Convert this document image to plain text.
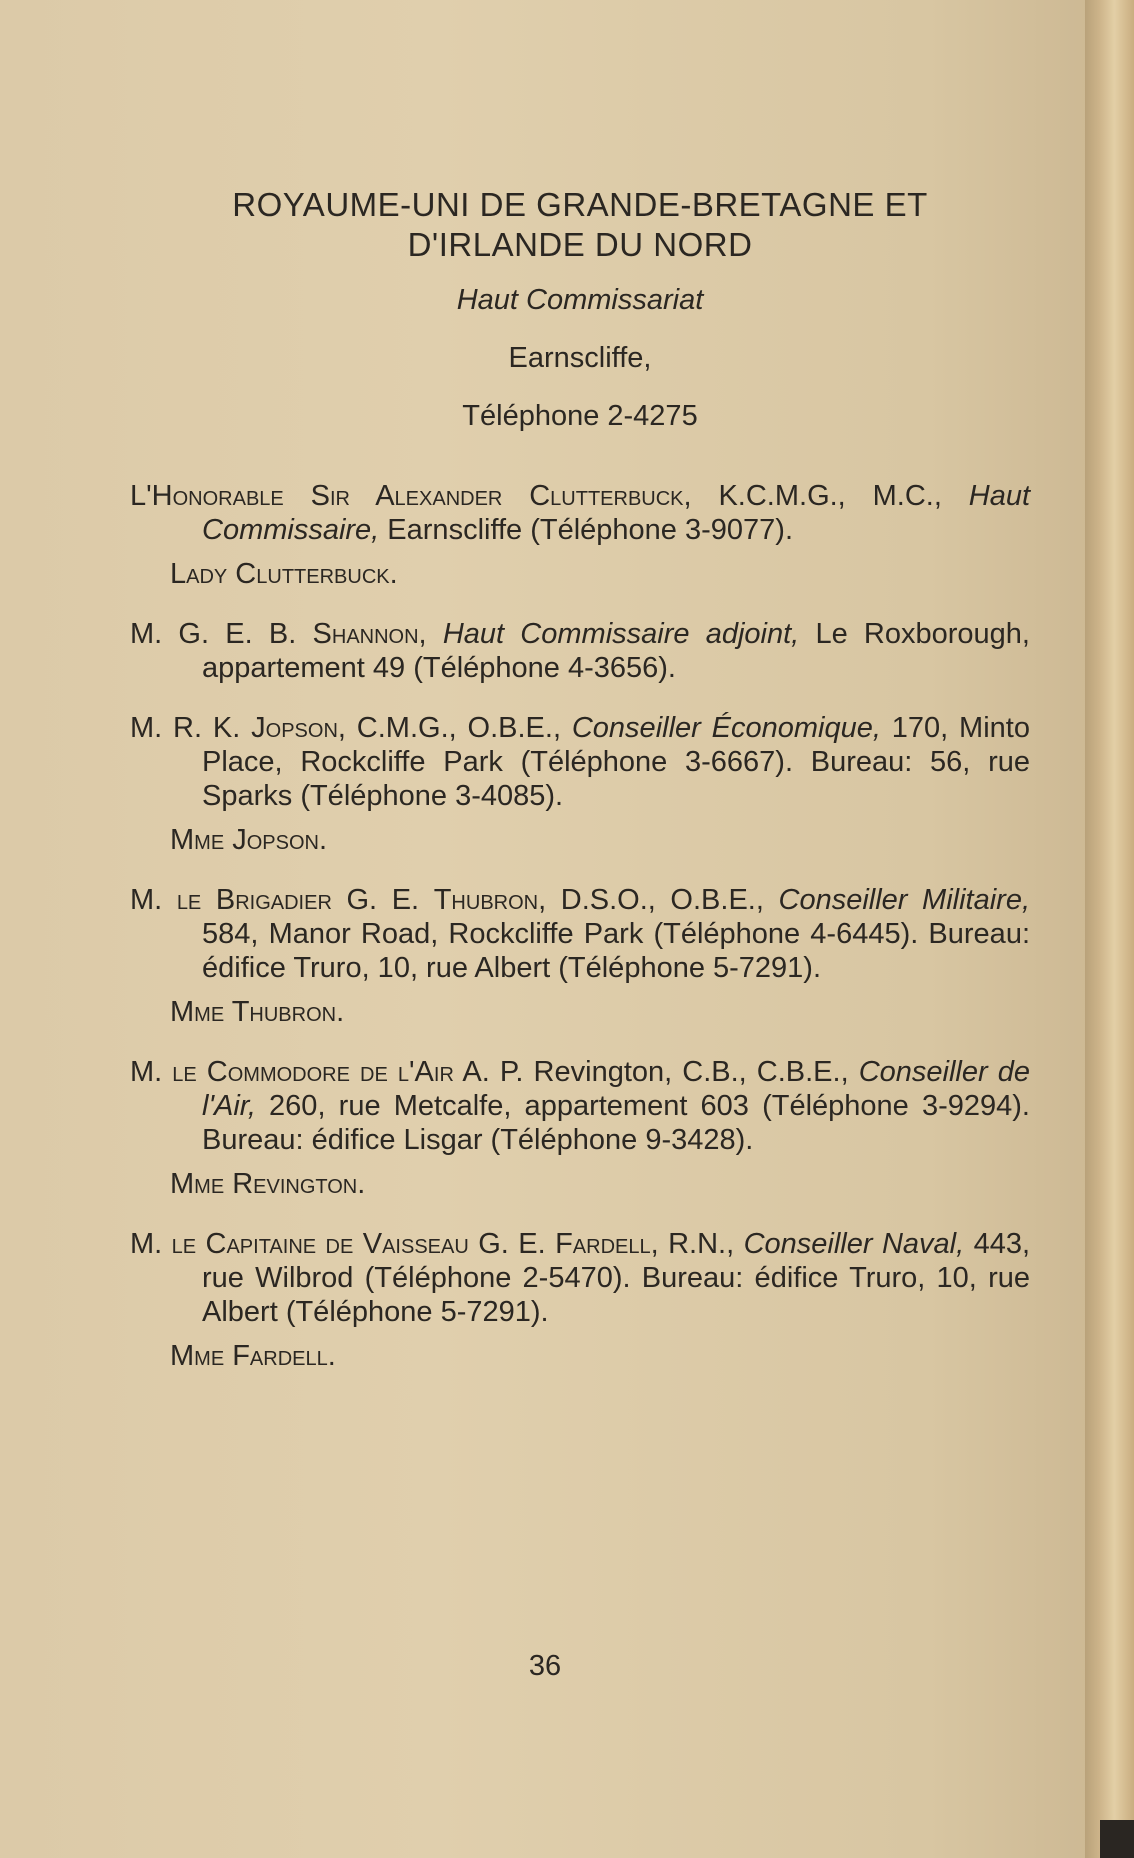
ROYAUME-UNI DE GRANDE-BRETAGNE ET
D'IRLANDE DU NORD
Haut Commissariat
Earnscliffe,
Téléphone 2-4275

L'Honorable Sir Alexander Clutterbuck, K.C.M.G., M.C., Haut Commissaire, Earnscliffe (Téléphone 3-9077).

Lady Clutterbuck.

M. G. E. B. Shannon, Haut Commissaire adjoint, Le Roxborough, appartement 49 (Téléphone 4-3656).

M. R. K. Jopson, C.M.G., O.B.E., Conseiller Économique, 170, Minto Place, Rockcliffe Park (Téléphone 3-6667). Bureau: 56, rue Sparks (Téléphone 3-4085).

Mme Jopson.

M. le Brigadier G. E. Thubron, D.S.O., O.B.E., Conseiller Militaire, 584, Manor Road, Rockcliffe Park (Téléphone 4-6445). Bureau: édifice Truro, 10, rue Albert (Téléphone 5-7291).

Mme Thubron.

M. le Commodore de l'Air A. P. Revington, C.B., C.B.E., Conseiller de l'Air, 260, rue Metcalfe, appartement 603 (Téléphone 3-9294). Bureau: édifice Lisgar (Téléphone 9-3428).

Mme Revington.

M. le Capitaine de Vaisseau G. E. Fardell, R.N., Conseiller Naval, 443, rue Wilbrod (Téléphone 2-5470). Bureau: édifice Truro, 10, rue Albert (Téléphone 5-7291).

Mme Fardell.
36
